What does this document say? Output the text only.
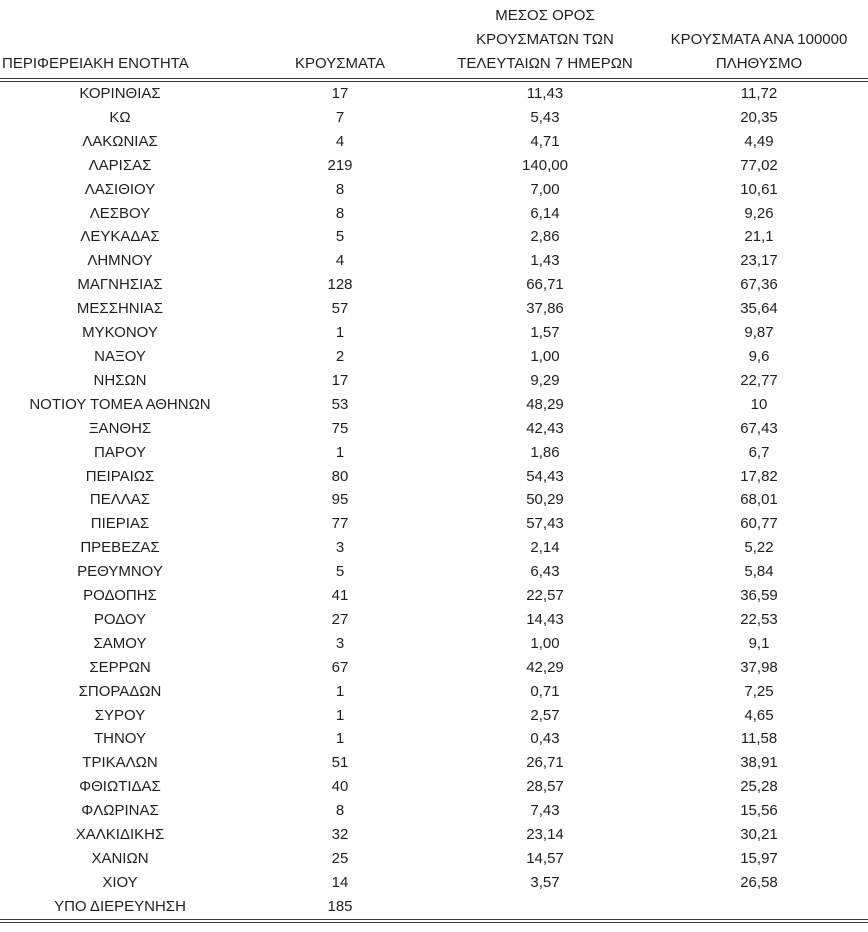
ΠΕΡΙΦΕΡΕΙΑΚΗ ΕΝΟΤΗΤΑ	ΚΡΟΥΣΜΑΤΑ	ΜΕΣΟΣ ΟΡΟΣ
ΚΡΟΥΣΜΑΤΩΝ ΤΩΝ
ΤΕΛΕΥΤΑΙΩΝ 7 ΗΜΕΡΩΝ	ΚΡΟΥΣΜΑΤΑ ΑΝΑ 100000
ΠΛΗΘΥΣΜΟ

ΚΟΡΙΝΘΙΑΣ	17	11,43	11,72
ΚΩ	7	5,43	20,35
ΛΑΚΩΝΙΑΣ	4	4,71	4,49
ΛΑΡΙΣΑΣ	219	140,00	77,02
ΛΑΣΙΘΙΟΥ	8	7,00	10,61
ΛΕΣΒΟΥ	8	6,14	9,26
ΛΕΥΚΑΔΑΣ	5	2,86	21,1
ΛΗΜΝΟΥ	4	1,43	23,17
ΜΑΓΝΗΣΙΑΣ	128	66,71	67,36
ΜΕΣΣΗΝΙΑΣ	57	37,86	35,64
ΜΥΚΟΝΟΥ	1	1,57	9,87
ΝΑΞΟΥ	2	1,00	9,6
ΝΗΣΩΝ	17	9,29	22,77
ΝΟΤΙΟΥ ΤΟΜΕΑ ΑΘΗΝΩΝ	53	48,29	10
ΞΑΝΘΗΣ	75	42,43	67,43
ΠΑΡΟΥ	1	1,86	6,7
ΠΕΙΡΑΙΩΣ	80	54,43	17,82
ΠΕΛΛΑΣ	95	50,29	68,01
ΠΙΕΡΙΑΣ	77	57,43	60,77
ΠΡΕΒΕΖΑΣ	3	2,14	5,22
ΡΕΘΥΜΝΟΥ	5	6,43	5,84
ΡΟΔΟΠΗΣ	41	22,57	36,59
ΡΟΔΟΥ	27	14,43	22,53
ΣΑΜΟΥ	3	1,00	9,1
ΣΕΡΡΩΝ	67	42,29	37,98
ΣΠΟΡΑΔΩΝ	1	0,71	7,25
ΣΥΡΟΥ	1	2,57	4,65
ΤΗΝΟΥ	1	0,43	11,58
ΤΡΙΚΑΛΩΝ	51	26,71	38,91
ΦΘΙΩΤΙΔΑΣ	40	28,57	25,28
ΦΛΩΡΙΝΑΣ	8	7,43	15,56
ΧΑΛΚΙΔΙΚΗΣ	32	23,14	30,21
ΧΑΝΙΩΝ	25	14,57	15,97
ΧΙΟΥ	14	3,57	26,58
ΥΠΟ ΔΙΕΡΕΥΝΗΣΗ	185		
